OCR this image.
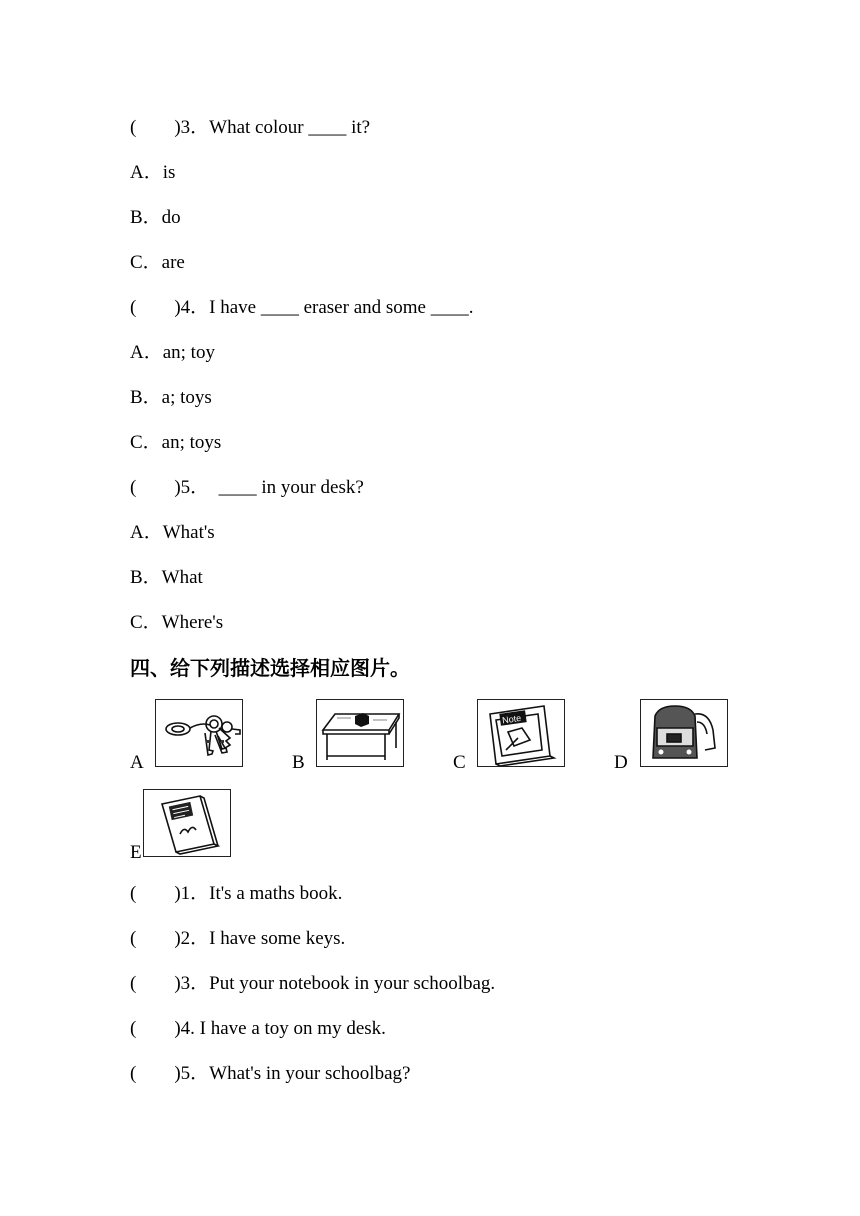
(        )3．What colour ____ it?
A．is
B．do
C．are
(        )4．I have ____ eraser and some ____.
A．an; toy
B．a; toys
C．an; toys
(        )5．  ____ in your desk?
A．What's
B．What
C．Where's
四、给下列描述选择相应图片。
A	B	C
Note
D
E
(        )1．It's a maths book.
(        )2．I have some keys.
(        )3．Put your notebook in your schoolbag.
(        )4. I have a toy on my desk.
(        )5．What's in your schoolbag?
